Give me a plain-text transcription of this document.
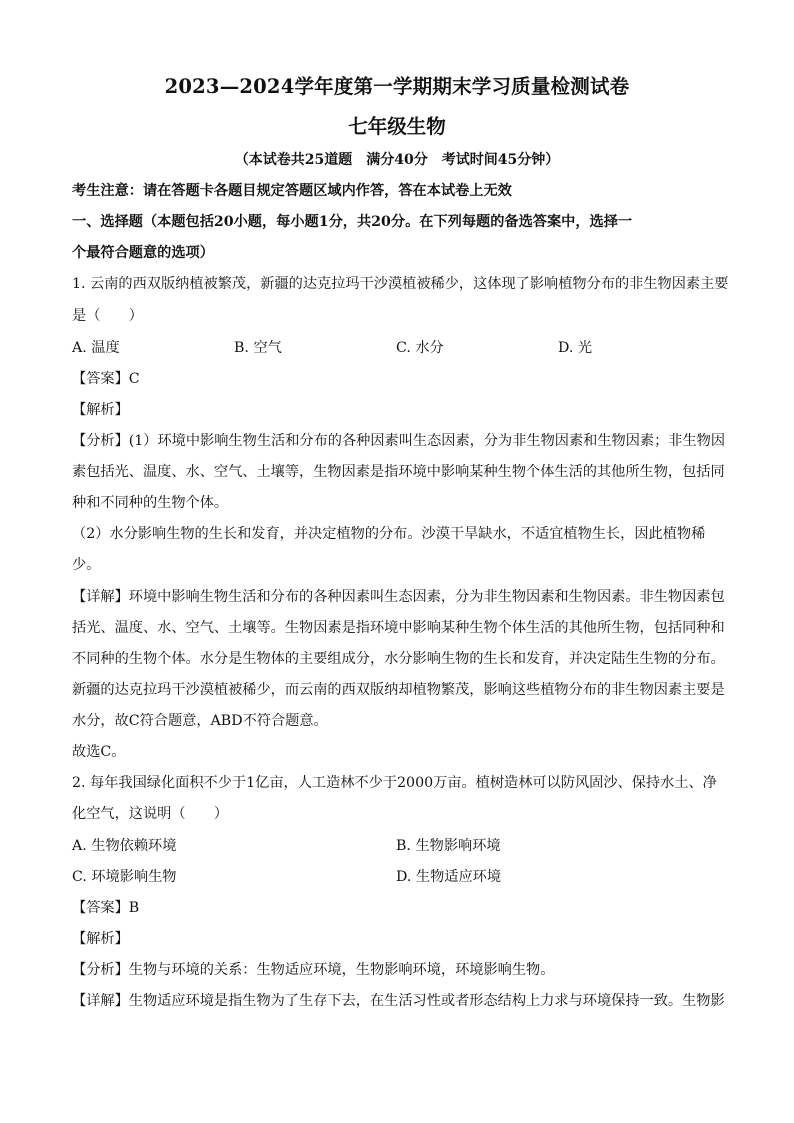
2023—2024学年度第一学期期末学习质量检测试卷
七年级生物
（本试卷共25道题　满分40分　考试时间45分钟）
考生注意：请在答题卡各题目规定答题区域内作答，答在本试卷上无效
一、选择题（本题包括20小题，每小题1分，共20分。在下列每题的备选答案中，选择一
个最符合题意的选项）
1. 云南的西双版纳植被繁茂，新疆的达克拉玛干沙漠植被稀少，这体现了影响植物分布的非生物因素主要
是（　　）
A. 温度	B. 空气	C. 水分	D. 光
【答案】C
【解析】
【分析】(1）环境中影响生物生活和分布的各种因素叫生态因素，分为非生物因素和生物因素；非生物因
素包括光、温度、水、空气、土壤等，生物因素是指环境中影响某种生物个体生活的其他所生物，包括同
种和不同种的生物个体。
（2）水分影响生物的生长和发育，并决定植物的分布。沙漠干旱缺水，不适宜植物生长，因此植物稀
少。
【详解】环境中影响生物生活和分布的各种因素叫生态因素，分为非生物因素和生物因素。非生物因素包
括光、温度、水、空气、土壤等。生物因素是指环境中影响某种生物个体生活的其他所生物，包括同种和
不同种的生物个体。水分是生物体的主要组成分，水分影响生物的生长和发育，并决定陆生生物的分布。
新疆的达克拉玛干沙漠植被稀少，而云南的西双版纳却植物繁茂，影响这些植物分布的非生物因素主要是
水分，故C符合题意，ABD不符合题意。
故选C。
2. 每年我国绿化面积不少于1亿亩，人工造林不少于2000万亩。植树造林可以防风固沙、保持水土、净
化空气，这说明（　　）
A. 生物依赖环境	B. 生物影响环境
C. 环境影响生物	D. 生物适应环境
【答案】B
【解析】
【分析】生物与环境的关系：生物适应环境，生物影响环境，环境影响生物。
【详解】生物适应环境是指生物为了生存下去，在生活习性或者形态结构上力求与环境保持一致。生物影
